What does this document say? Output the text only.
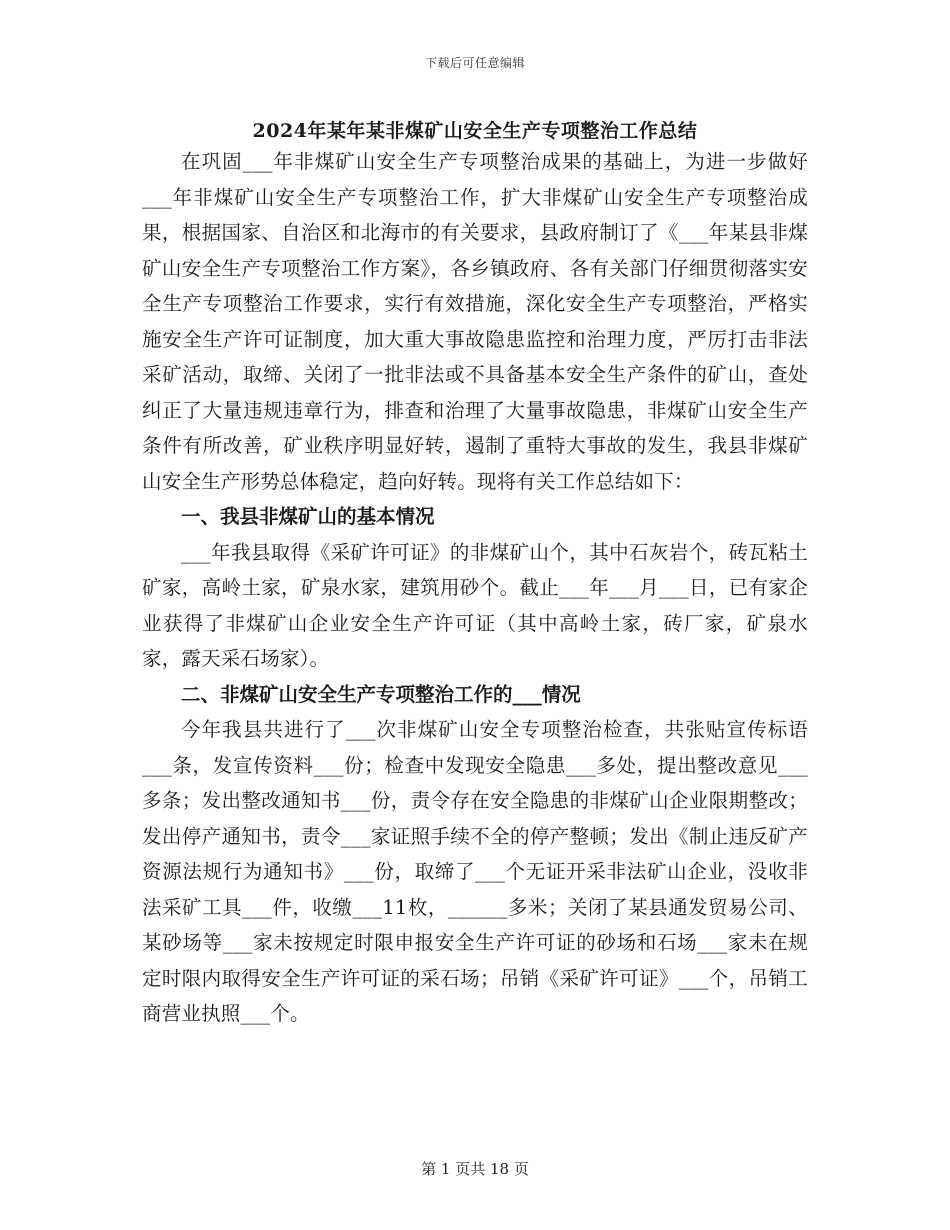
下载后可任意编辑
2024年某年某非煤矿山安全生产专项整治工作总结

在巩固___年非煤矿山安全生产专项整治成果的基础上，为进一步做好___年非煤矿山安全生产专项整治工作，扩大非煤矿山安全生产专项整治成果，根据国家、自治区和北海市的有关要求，县政府制订了《___年某县非煤矿山安全生产专项整治工作方案》，各乡镇政府、各有关部门仔细贯彻落实安全生产专项整治工作要求，实行有效措施，深化安全生产专项整治，严格实施安全生产许可证制度，加大重大事故隐患监控和治理力度，严厉打击非法采矿活动，取缔、关闭了一批非法或不具备基本安全生产条件的矿山，查处纠正了大量违规违章行为，排查和治理了大量事故隐患，非煤矿山安全生产条件有所改善，矿业秩序明显好转，遏制了重特大事故的发生，我县非煤矿山安全生产形势总体稳定，趋向好转。现将有关工作总结如下：

一、我县非煤矿山的基本情况

___年我县取得《采矿许可证》的非煤矿山个，其中石灰岩个，砖瓦粘土矿家，高岭土家，矿泉水家，建筑用砂个。截止___年___月___日，已有家企业获得了非煤矿山企业安全生产许可证（其中高岭土家，砖厂家，矿泉水家，露天采石场家）。

二、非煤矿山安全生产专项整治工作的___情况

今年我县共进行了___次非煤矿山安全专项整治检查，共张贴宣传标语___条，发宣传资料___份；检查中发现安全隐患___多处，提出整改意见___多条；发出整改通知书___份，责令存在安全隐患的非煤矿山企业限期整改；发出停产通知书，责令___家证照手续不全的停产整顿；发出《制止违反矿产资源法规行为通知书》___份，取缔了___个无证开采非法矿山企业，没收非法采矿工具___件，收缴___11枚，______多米；关闭了某县通发贸易公司、某砂场等___家未按规定时限申报安全生产许可证的砂场和石场___家未在规定时限内取得安全生产许可证的采石场；吊销《采矿许可证》___个，吊销工商营业执照___个。

第 1 页共 18 页
